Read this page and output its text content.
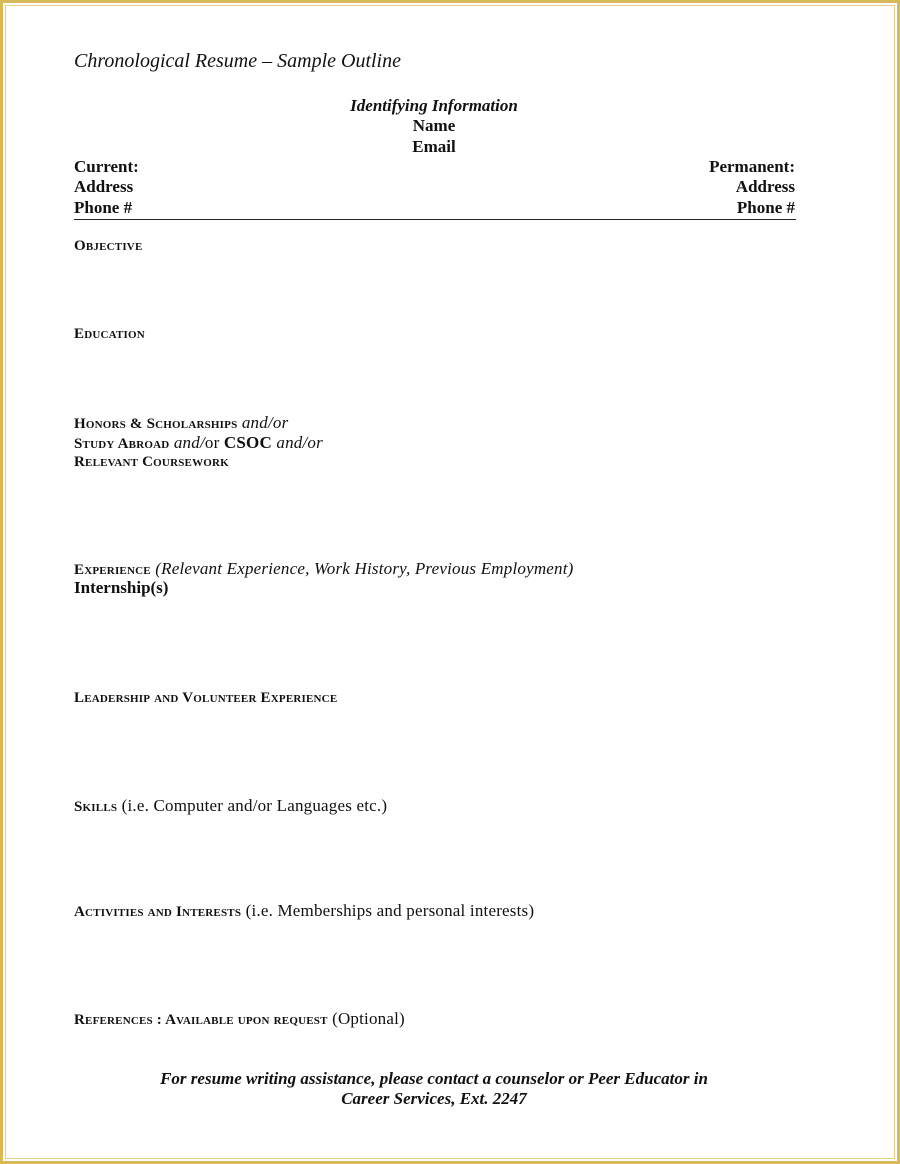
Chronological Resume – Sample Outline
Identifying Information
Name
Email
Current:
Address
Phone #
Permanent:
Address
Phone #
Objective
Education
Honors & Scholarships and/or
Study Abroad and/or CSOC and/or
Relevant Coursework
Experience (Relevant Experience, Work History, Previous Employment)
Internship(s)
Leadership and Volunteer Experience
Skills (i.e. Computer and/or Languages etc.)
Activities and Interests (i.e. Memberships and personal interests)
References : Available upon request (Optional)
For resume writing assistance, please contact a counselor or Peer Educator in
Career Services, Ext. 2247
